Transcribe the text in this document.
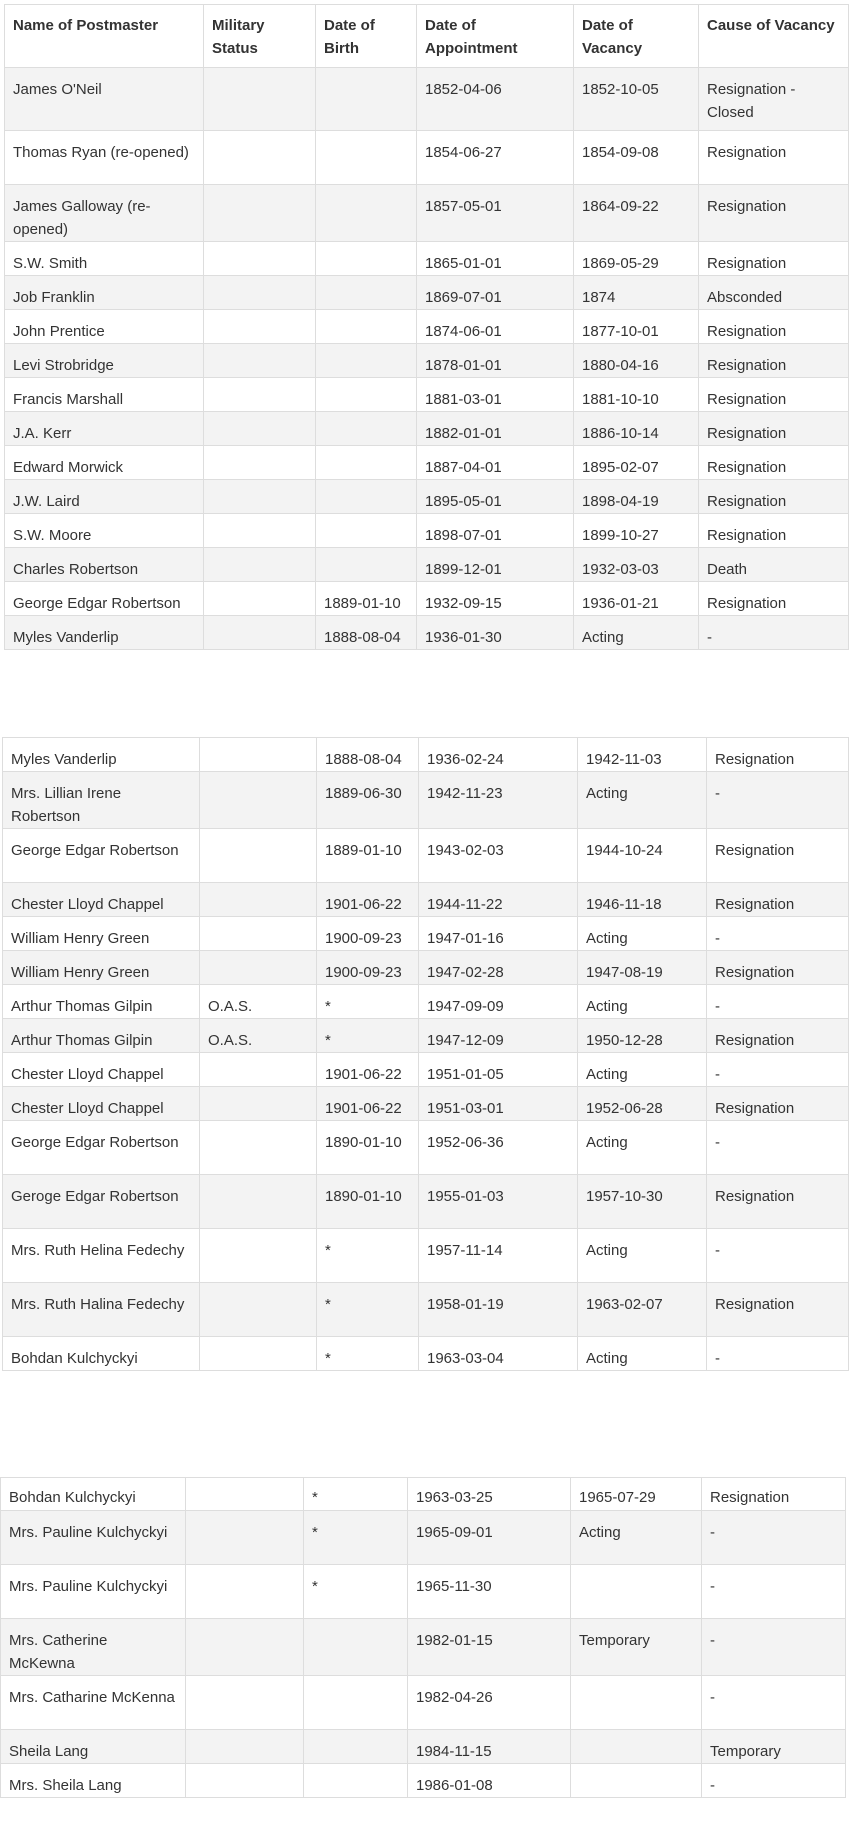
Name of Postmaster	Military Status	Date of Birth	Date of Appointment	Date of Vacancy	Cause of Vacancy
James O'Neil			1852-04-06	1852-10-05	Resignation - Closed
Thomas Ryan (re-opened)			1854-06-27	1854-09-08	Resignation
James Galloway (re-opened)			1857-05-01	1864-09-22	Resignation
S.W. Smith			1865-01-01	1869-05-29	Resignation
Job Franklin			1869-07-01	1874	Absconded
John Prentice			1874-06-01	1877-10-01	Resignation
Levi Strobridge			1878-01-01	1880-04-16	Resignation
Francis Marshall			1881-03-01	1881-10-10	Resignation
J.A. Kerr			1882-01-01	1886-10-14	Resignation
Edward Morwick			1887-04-01	1895-02-07	Resignation
J.W. Laird			1895-05-01	1898-04-19	Resignation
S.W. Moore			1898-07-01	1899-10-27	Resignation
Charles Robertson			1899-12-01	1932-03-03	Death
George Edgar Robertson		1889-01-10	1932-09-15	1936-01-21	Resignation
Myles Vanderlip		1888-08-04	1936-01-30	Acting	-
Myles Vanderlip		1888-08-04	1936-02-24	1942-11-03	Resignation
Mrs. Lillian Irene Robertson		1889-06-30	1942-11-23	Acting	-
George Edgar Robertson		1889-01-10	1943-02-03	1944-10-24	Resignation
Chester Lloyd Chappel		1901-06-22	1944-11-22	1946-11-18	Resignation
William Henry Green		1900-09-23	1947-01-16	Acting	-
William Henry Green		1900-09-23	1947-02-28	1947-08-19	Resignation
Arthur Thomas Gilpin	O.A.S.	*	1947-09-09	Acting	-
Arthur Thomas Gilpin	O.A.S.	*	1947-12-09	1950-12-28	Resignation
Chester Lloyd Chappel		1901-06-22	1951-01-05	Acting	-
Chester Lloyd Chappel		1901-06-22	1951-03-01	1952-06-28	Resignation
George Edgar Robertson		1890-01-10	1952-06-36	Acting	-
Geroge Edgar Robertson		1890-01-10	1955-01-03	1957-10-30	Resignation
Mrs. Ruth Helina Fedechy		*	1957-11-14	Acting	-
Mrs. Ruth Halina Fedechy		*	1958-01-19	1963-02-07	Resignation
Bohdan Kulchyckyi		*	1963-03-04	Acting	-
Bohdan Kulchyckyi		*	1963-03-25	1965-07-29	Resignation
Mrs. Pauline Kulchyckyi		*	1965-09-01	Acting	-
Mrs. Pauline Kulchyckyi		*	1965-11-30		-
Mrs. Catherine McKewna			1982-01-15	Temporary	-
Mrs. Catharine McKenna			1982-04-26		-
Sheila Lang			1984-11-15		Temporary
Mrs. Sheila Lang			1986-01-08		-
